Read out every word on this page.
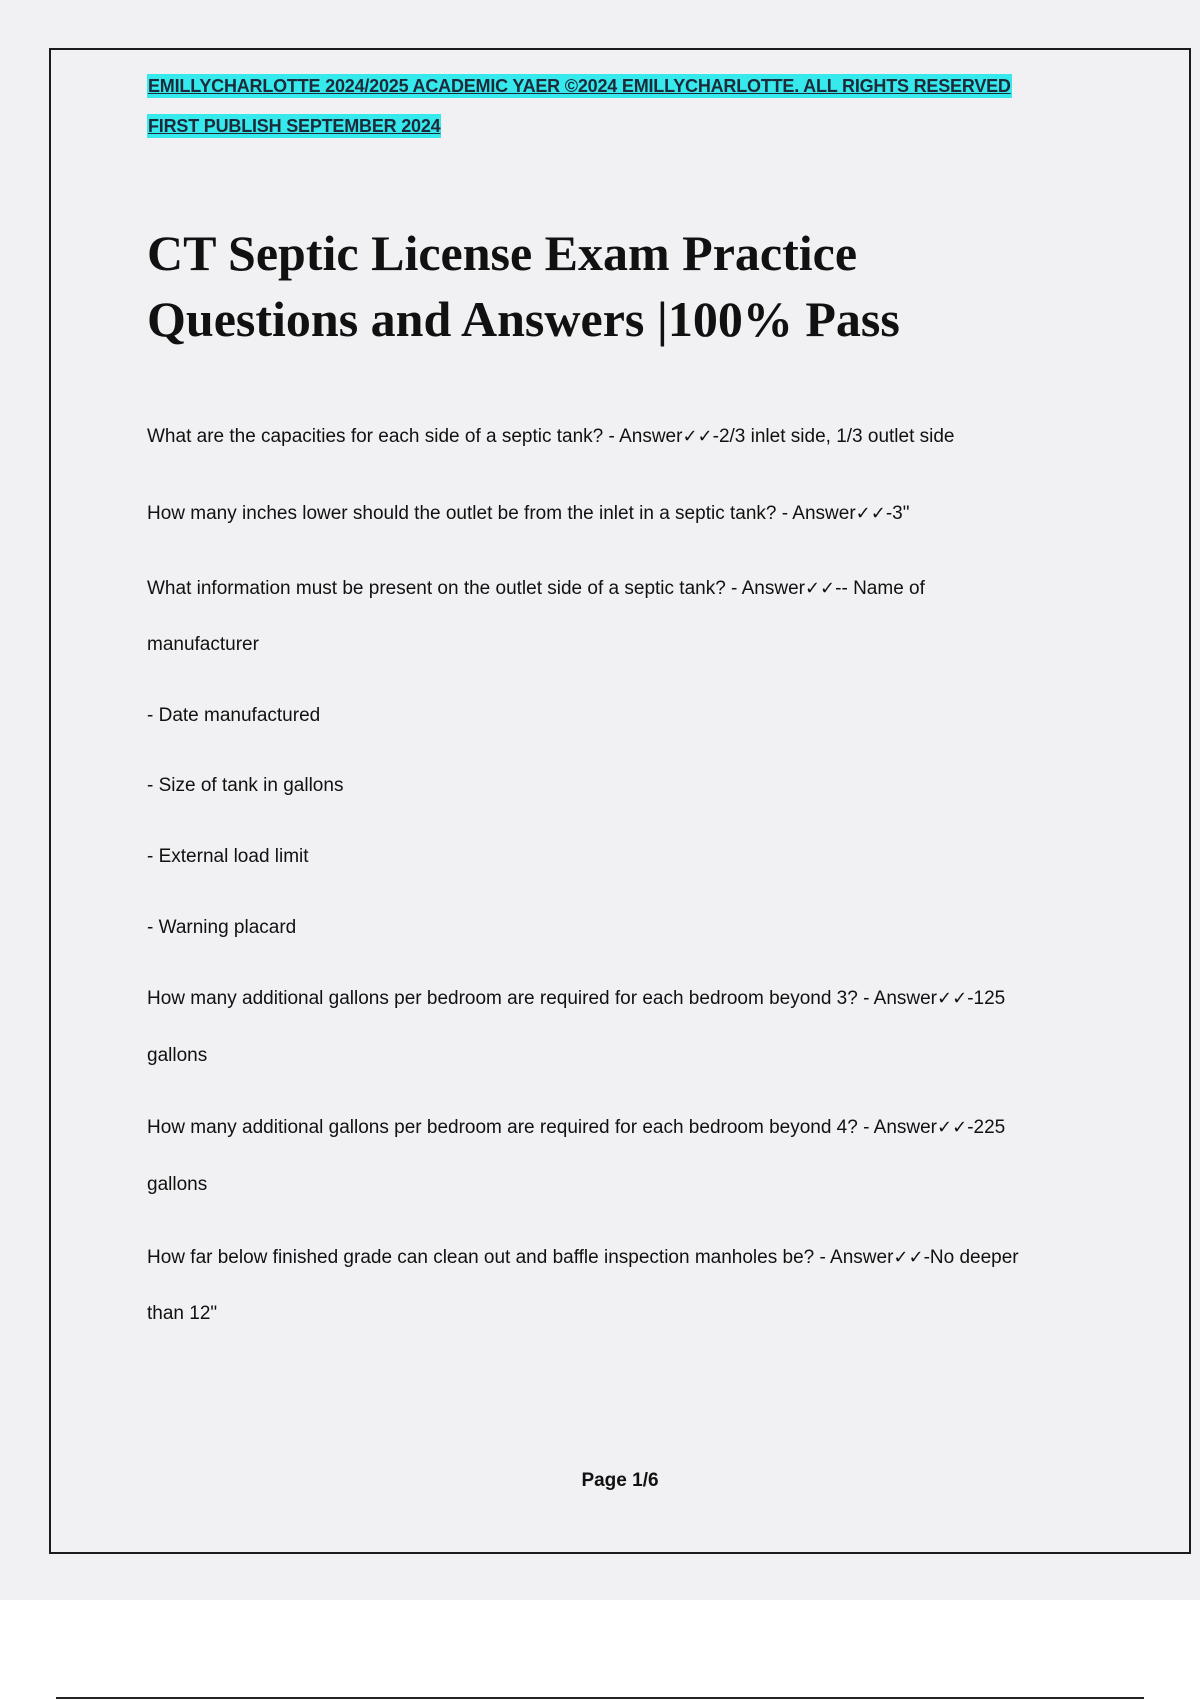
EMILLYCHARLOTTE 2024/2025 ACADEMIC YAER ©2024 EMILLYCHARLOTTE. ALL RIGHTS RESERVED
FIRST PUBLISH SEPTEMBER 2024
CT Septic License Exam Practice
Questions and Answers |100% Pass

What are the capacities for each side of a septic tank? - Answer✓✓-2/3 inlet side, 1/3 outlet side

How many inches lower should the outlet be from the inlet in a septic tank? - Answer✓✓-3"

What information must be present on the outlet side of a septic tank? - Answer✓✓-- Name of

manufacturer

- Date manufactured

- Size of tank in gallons

- External load limit

- Warning placard

How many additional gallons per bedroom are required for each bedroom beyond 3? - Answer✓✓-125

gallons

How many additional gallons per bedroom are required for each bedroom beyond 4? - Answer✓✓-225

gallons

How far below finished grade can clean out and baffle inspection manholes be? - Answer✓✓-No deeper

than 12"

Page 1/6
